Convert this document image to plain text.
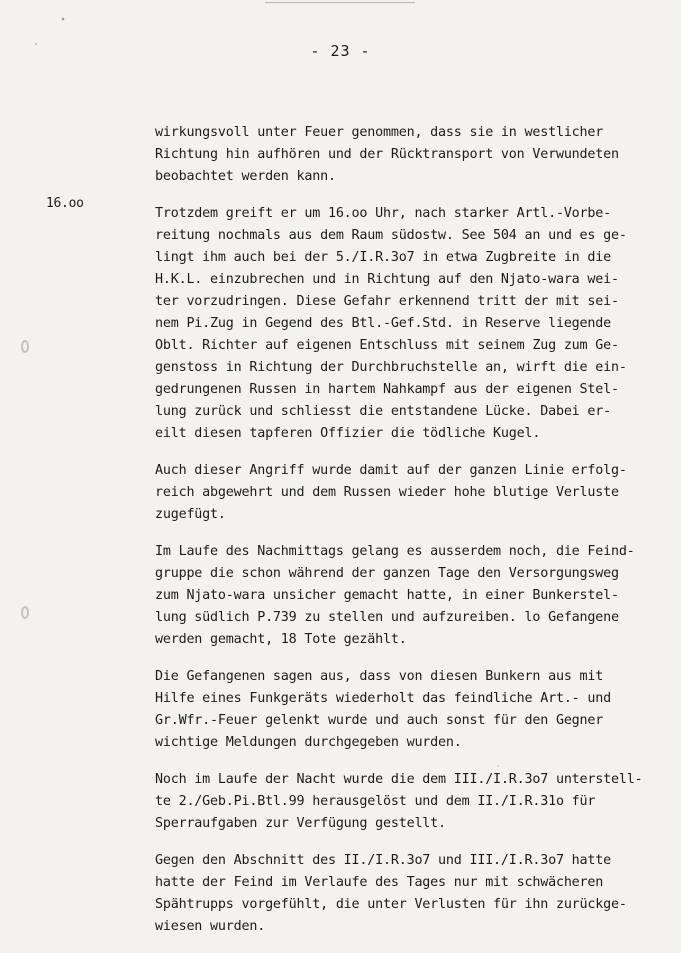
- 23 -
16.oo
wirkungsvoll unter Feuer genommen, dass sie in westlicher
Richtung hin aufhören und der Rücktransport von Verwundeten
beobachtet werden kann.
Trotzdem greift er um 16.oo Uhr, nach starker Artl.-Vorbe-
reitung nochmals aus dem Raum südostw. See 504 an und es ge-
lingt ihm auch bei der 5./I.R.3o7 in etwa Zugbreite in die
H.K.L. einzubrechen und in Richtung auf den Njato-wara wei-
ter vorzudringen. Diese Gefahr erkennend tritt der mit sei-
nem Pi.Zug in Gegend des Btl.-Gef.Std. in Reserve liegende
Oblt. Richter auf eigenen Entschluss mit seinem Zug zum Ge-
genstoss in Richtung der Durchbruchstelle an, wirft die ein-
gedrungenen Russen in hartem Nahkampf aus der eigenen Stel-
lung zurück und schliesst die entstandene Lücke. Dabei er-
eilt diesen tapferen Offizier die tödliche Kugel.
Auch dieser Angriff wurde damit auf der ganzen Linie erfolg-
reich abgewehrt und dem Russen wieder hohe blutige Verluste
zugefügt.
Im Laufe des Nachmittags gelang es ausserdem noch, die Feind-
gruppe die schon während der ganzen Tage den Versorgungsweg
zum Njato-wara unsicher gemacht hatte, in einer Bunkerstel-
lung südlich P.739 zu stellen und aufzureiben. lo Gefangene
werden gemacht, 18 Tote gezählt.
Die Gefangenen sagen aus, dass von diesen Bunkern aus mit
Hilfe eines Funkgeräts wiederholt das feindliche Art.- und
Gr.Wfr.-Feuer gelenkt wurde und auch sonst für den Gegner
wichtige Meldungen durchgegeben wurden.
Noch im Laufe der Nacht wurde die dem III./I.R.3o7 unterstell-
te 2./Geb.Pi.Btl.99 herausgelöst und dem II./I.R.31o für
Sperraufgaben zur Verfügung gestellt.
Gegen den Abschnitt des II./I.R.3o7 und III./I.R.3o7 hatte
hatte der Feind im Verlaufe des Tages nur mit schwächeren
Spähtrupps vorgefühlt, die unter Verlusten für ihn zurückge-
wiesen wurden.
